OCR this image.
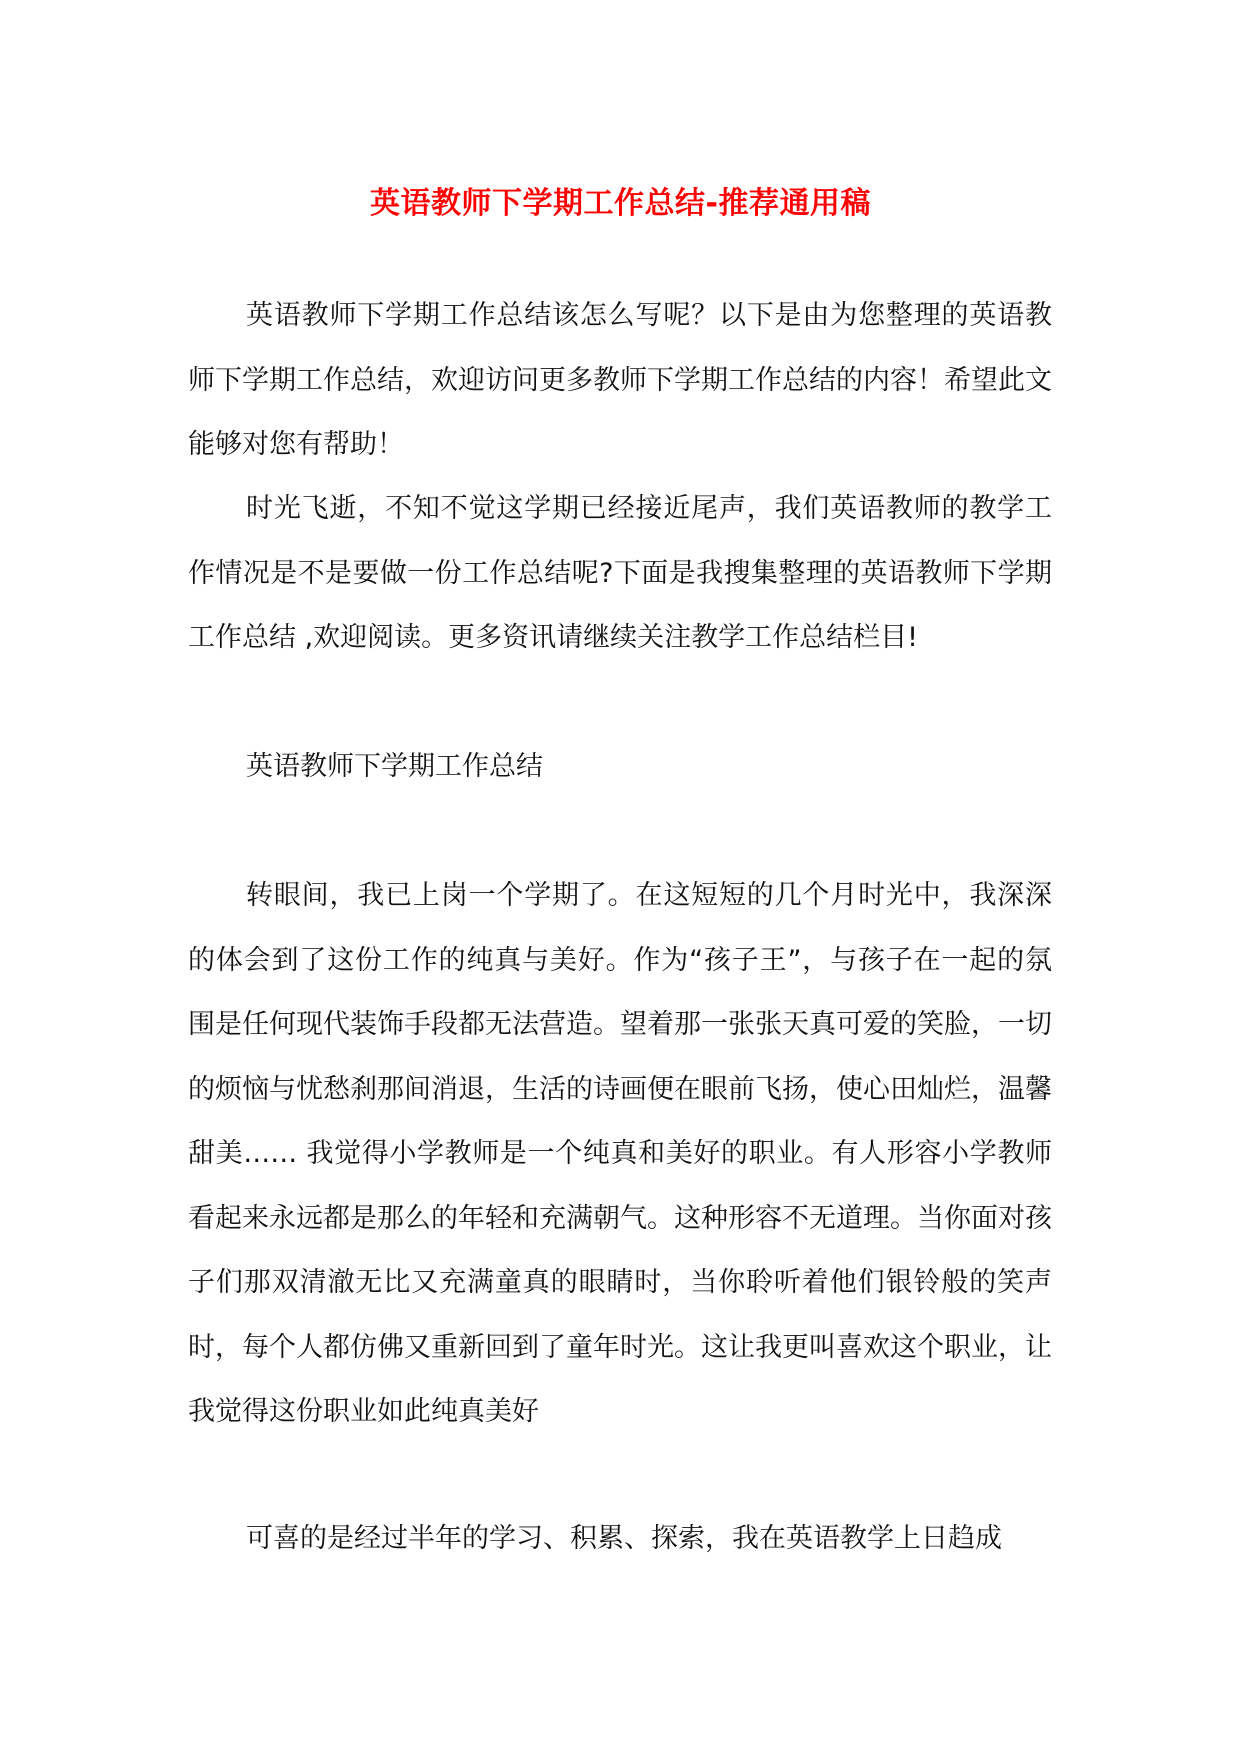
英语教师下学期工作总结-推荐通用稿

英语教师下学期工作总结该怎么写呢？以下是由为您整理的英语教师下学期工作总结，欢迎访问更多教师下学期工作总结的内容！希望此文能够对您有帮助！

时光飞逝，不知不觉这学期已经接近尾声，我们英语教师的教学工作情况是不是要做一份工作总结呢?下面是我搜集整理的英语教师下学期工作总结 ,欢迎阅读。更多资讯请继续关注教学工作总结栏目!

英语教师下学期工作总结

转眼间，我已上岗一个学期了。在这短短的几个月时光中，我深深的体会到了这份工作的纯真与美好。作为“孩子王”，与孩子在一起的氛围是任何现代装饰手段都无法营造。望着那一张张天真可爱的笑脸，一切的烦恼与忧愁刹那间消退，生活的诗画便在眼前飞扬，使心田灿烂，温馨甜美…… 我觉得小学教师是一个纯真和美好的职业。有人形容小学教师看起来永远都是那么的年轻和充满朝气。这种形容不无道理。当你面对孩子们那双清澈无比又充满童真的眼睛时，当你聆听着他们银铃般的笑声时，每个人都仿佛又重新回到了童年时光。这让我更叫喜欢这个职业，让我觉得这份职业如此纯真美好

可喜的是经过半年的学习、积累、探索，我在英语教学上日趋成
